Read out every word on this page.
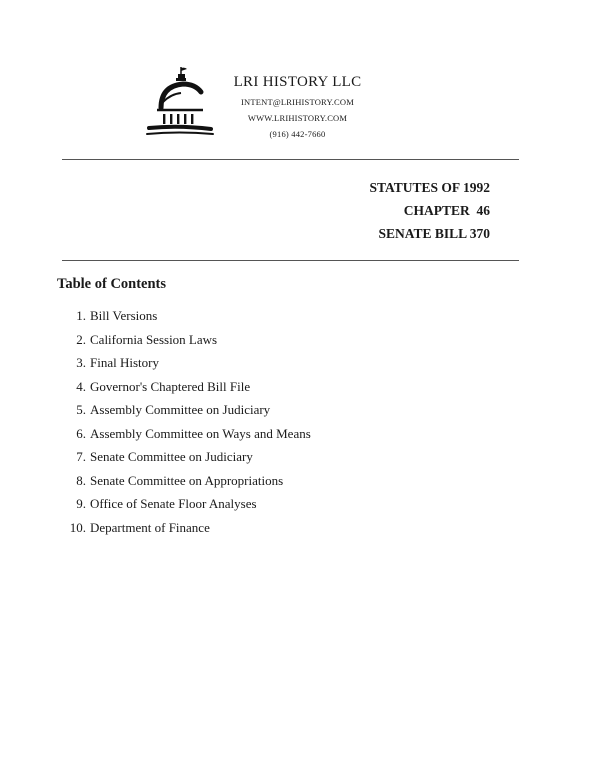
LRI HISTORY LLC
INTENT@LRIHISTORY.COM
WWW.LRIHISTORY.COM
(916) 442-7660
STATUTES OF 1992
CHAPTER  46
SENATE BILL 370
Table of Contents
1. Bill Versions
2. California Session Laws
3. Final History
4. Governor's Chaptered Bill File
5. Assembly Committee on Judiciary
6. Assembly Committee on Ways and Means
7. Senate Committee on Judiciary
8. Senate Committee on Appropriations
9. Office of Senate Floor Analyses
10. Department of Finance
